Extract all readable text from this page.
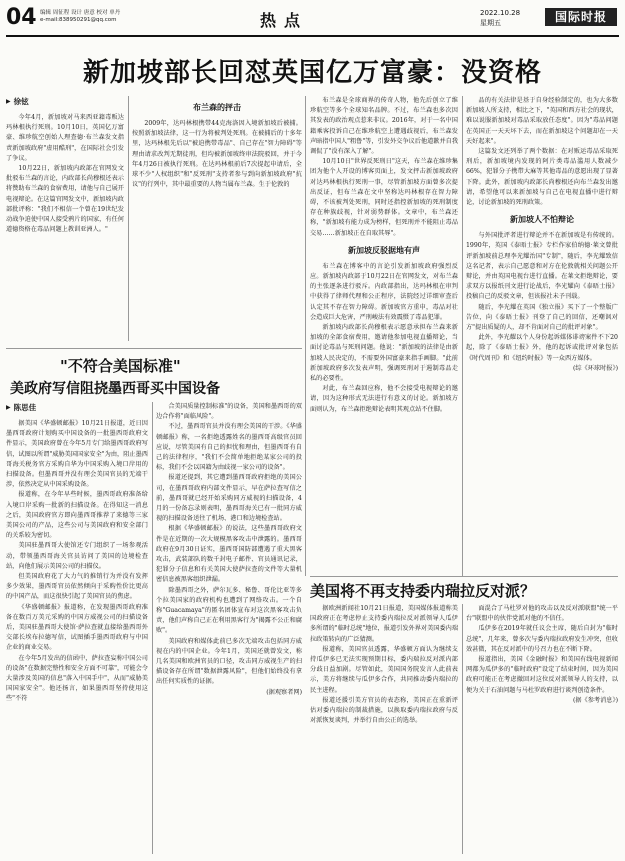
04 编辑 周征程 设计 唐意 校对 单丹
e-mail:838950291@qq.com	热点	2022.10.28
星期五	国际时报
新加坡部长回怼英国亿万富豪：没资格
▶ 徐铉

今年4月，新加坡对马来西亚籍毒贩达玛林根执行死刑。10月10日，英国亿万富豪、维珍航空创始人理查德·布兰森发文指责新加坡政府"虚用酷刑"，在国际社会引发了争议。

10月22日，新加坡内政部在官网发文批驳布兰森的言论，内政部长尚穆根还表示将赞助布兰森的食宿费用，请他与自己展开电视辩论。在这篇官网发文中，新加坡内政部批评称："我们不相信一个曾在19世纪发动战争迫使中国人接受鸦片的国家，有任何道德资格在毒品问题上教训亚洲人。"

布兰森的抨击

2009年，达玛林根携带44克海洛因入境新加坡后被捕。按照新加坡法律，这一行为将被判处死刑。在被捕后的十多年里，达玛林根先后以"被迫携带毒品"、自己存在"智力障碍"等理由请求改判无期徒刑，但均被新加坡终审法院驳回，并于今年4月26日被执行死刑。在达玛林根前后7次提起申请后，全球不少"人权组织"和"反死刑"支持者参与到向新加坡政府"抗议"的行列中，其中最重要的人物当属布兰森。生于伦敦的

布兰森是全球商界的传奇人物，他先后创立了维珍航空等多个全球知名品牌。不过，布兰森也多次因其发表的政治观点惹来非议。2016年，对于一名中国籍乘客投诉自己在维珍航空上遭遇歧视后，布兰森发声暗指中国人"粗鲁"等，引发外交争议后他道歉并自我调侃了"没有深入了解"。

10月10日"世界反死刑日"这天，布兰森在维珍集团为他个人开设的博客页面上，发文抨击新加坡政府对达玛林根执行死刑一事，尽管新加坡方面曾多次提出反证，但布兰森在文中坚称达玛林根存在智力障碍，不该被判处死刑，同时还指控新加坡的死刑制度存在种族歧视，针对弱势群体。文章中，布兰森还称，"新加坡有能力成为榜样，但死刑并不能阻止毒品交易……新加坡正在自取其辱"。

新加坡反驳据地有声

布兰森在博客中的言论引发新加坡政府强烈反应。新加坡内政部于10月22日在官网发文，对布兰森的主张逐条进行驳斥。内政部指出，达玛林根在审判中获得了律师代理和公正程序，法院经过详细审查后认定其不存在智力障碍。新加坡官方重申，毒品对社会造成巨大危害，严刑峻法有效震慑了毒品犯罪。

新加坡内政部长尚穆根表示愿意承担布兰森来新加坡的全部食宿费用，邀请他参加电视直播辩论，当面讨论毒品与死刑问题。他说："新加坡的法律是由新加坡人民决定的，不需要外国富豪来指手画脚。"此前新加坡政府多次发表声明，强调死刑对于遏制毒品走私的必要性。

对此，布兰森回应称，他不会接受电视辩论的邀请，因为这种形式无法进行有意义的讨论。新加坡方面则认为，布兰森拒绝辩论表明其观点站不住脚。

品的有关法律是基于自身经验制定的，也为大多数新加坡人所支持，相比之下，"英国和西方社会的现状，难以说服新加坡对毒品采取放任态度"。因为"毒品问题在英国正一天天坏下去，而在新加坡这个问题却在一天天好起来"。

这篇发文还列举了两个数据：在对贩运毒品采取死刑后，新加坡境内发现的阿片类毒品滥用人数减少66%，犯罪分子携带大麻等其他毒品的意愿出现了显著下降。此外，新加坡内政部长尚穆根还向布兰森发出邀请，希望他可以来新加坡与自己在电视直播中进行辩论，讨论新加坡的死刑政策。

新加坡人不怕辩论

与外国批评者进行辩论并不在新加坡是有传统的。1990年，英国《泰晤士报》专栏作家伯纳德·莱文曾批评新加坡前总理李光耀治国"专制"，随后，李光耀致信这名记者，表示自己愿意和对方在伦敦就相关问题公开辩论，并由英国电视台进行直播。在莱文拒绝辩论，要求双方以报纸刊文进行论战后，李光耀向《泰晤士报》投稿自己的反驳文章，但该报社未予刊载。

随后，李光耀在英国《独立报》买下了一个整版广告位，向《泰晤士报》刊登了自己的回信，还嘲讽对方"提出质疑的人，却不肯面对自己的批评对象"。

此外，李光耀以个人身份起诉媒体诽谤案件不下20起，除了《泰晤士报》外，他的起诉或批评对象包括《时代周刊》和《纽约时报》等一众西方媒体。

(综《环球时报》)

"不符合美国标准"
美政府写信阻挠墨西哥买中国设备
▶ 陈思佳

据美国《华盛顿邮报》10月21日报道，近日因墨西哥政府计划购买中国设备的一批墨西哥政府文件显示，美国政府曾在今年5月专门给墨西哥政府写信，试图以所谓"威胁美国国家安全"为由，阻止墨西哥海关税务官方采购自华为中国采购入境口岸用的扫描设备。但墨西哥并没有理会美国官员的无端干涉，依然决定从中国采购设备。

报道称，在今年早些时候，墨西哥政府准备给入境口岸采购一批新的扫描设备。在得知这一消息之后，美国政府官方即向墨西哥推荐了来德等三家美国公司的产品，这些公司与美国政府和安全部门的关系较为密切。

美国驻墨西哥大使馆还专门组织了一场参观活动，带领墨西哥海关官员访问了美国的边境检查站，向他们展示美国公司的扫描仪。

但美国政府花了大力气的推销行为并没有发挥多少效果，墨西哥官员依然倾向于采购性价比更高的中国产品，而这很快引起了美国官员的焦虑。

《华盛顿邮报》报道称，在发现墨西哥政府准备在数百万美元采购的中国方威视公司的扫描设备后，美国驻墨西哥大使馆·萨拉查就直接给墨西哥外交部长埃布拉德写信，试图插手墨西哥政府与中国企业的商业交易。

在今年5月发出的信函中，萨拉查妄称中国公司的设备"在数据完整性和安全方面不可靠"，可能会令大量涉及美国的信息"落入中国手中"，从而"威胁美国国家安全"。他还扬言，如果墨西哥坚持使用这些"不符

合美国质量控制标准"的设备，美国和墨西哥的双边合作将"面临风险"。

不过，墨西哥官员并没有理会美国的干涉。《华盛顿邮报》称，一名拒绝透露姓名的墨西哥高级官员回应说，尽管美国有自己的担忧和理由，但墨西哥有自己的法律程序，"我们不会简单地拒绝某家公司的投标，我们不会以国籍为由歧视一家公司的设备"。

报道还提到，其它遭到墨西哥政府拒绝的美国公司，在墨西哥政府内部文件显示，早在萨拉查写信之前，墨西哥就已经开始采购同方威视的扫描设备，4月的一份备忘录则表明，墨西哥海关已有一批同方威视的扫描设备送往了机场、港口和边境检查站。

根据《华盛顿邮报》的说法，这些墨西哥政府文件是在近期的一次大规模黑客攻击中泄露的。墨西哥政府在9月30日证实，墨西哥国防部遭遇了重大黑客攻击，武装部队的数千封电子邮件、官员通讯记录，犯罪分子信息和有关美国大使萨拉查的文件等大量机密信息被黑客组织泄漏。

除墨西哥之外，萨尔瓦多、秘鲁、哥伦比亚等多个拉美国家的政府机构也遭到了网络攻击。一个自称"Guacamaya"的匿名团体宣布对这次黑客攻击负责，他们声称自己正在利用黑客行为"揭露不公正和腐败"。

美国政府和媒体此前已多次无端攻击包括同方威视在内的中国企业。今年1月，美国还就曾发文，称几名美国和欧洲官员的口径，攻击同方威视生产的扫描设备存在所谓"数据泄露风险"，但他们始终没有拿出任何实质性的证据。

(据观察者网)

美国将不再支持委内瑞拉反对派？

据欧洲新闻社10月21日报道，美国媒体报道称美国政府正在考虑停止支持委内瑞拉反对派领导人瓜伊多所谓的"临时总统"地位，报道引发外界对美国委内瑞拉政策转向的广泛猜测。

报道称，美国官员透露，华盛顿方面认为继续支持瓜伊多已无法实现预期目标，委内瑞拉反对派内部分歧日益加剧。尽管如此，美国国务院发言人此前表示，美方将继续与瓜伊多合作，共同推动委内瑞拉的民主进程。

报道还援引美方官员的表态称，美国正在重新评估对委内瑞拉的制裁措施，以换取委内瑞拉政府与反对派恢复谈判，并举行自由公正的选举。

面混合了马杜罗对他的攻击以及反对派联盟"统一平台"联盟中的伙伴党派对他的不信任。

瓜伊多在2019年就任议会主席，随后自封为"临时总统"，几年来，曾多次与委内瑞拉政府发生冲突，但收效甚微，其在反对派中的号召力也在不断下降。

报道指出，美国《金融时报》和美国有线电视新闻网都为瓜伊多的"临时政府"设定了结束时间，因为美国政府可能正在考虑撤回对这位反对派领导人的支持，以便为关于石油问题与马杜罗政府进行谈判创造条件。

(据《参考消息》)
